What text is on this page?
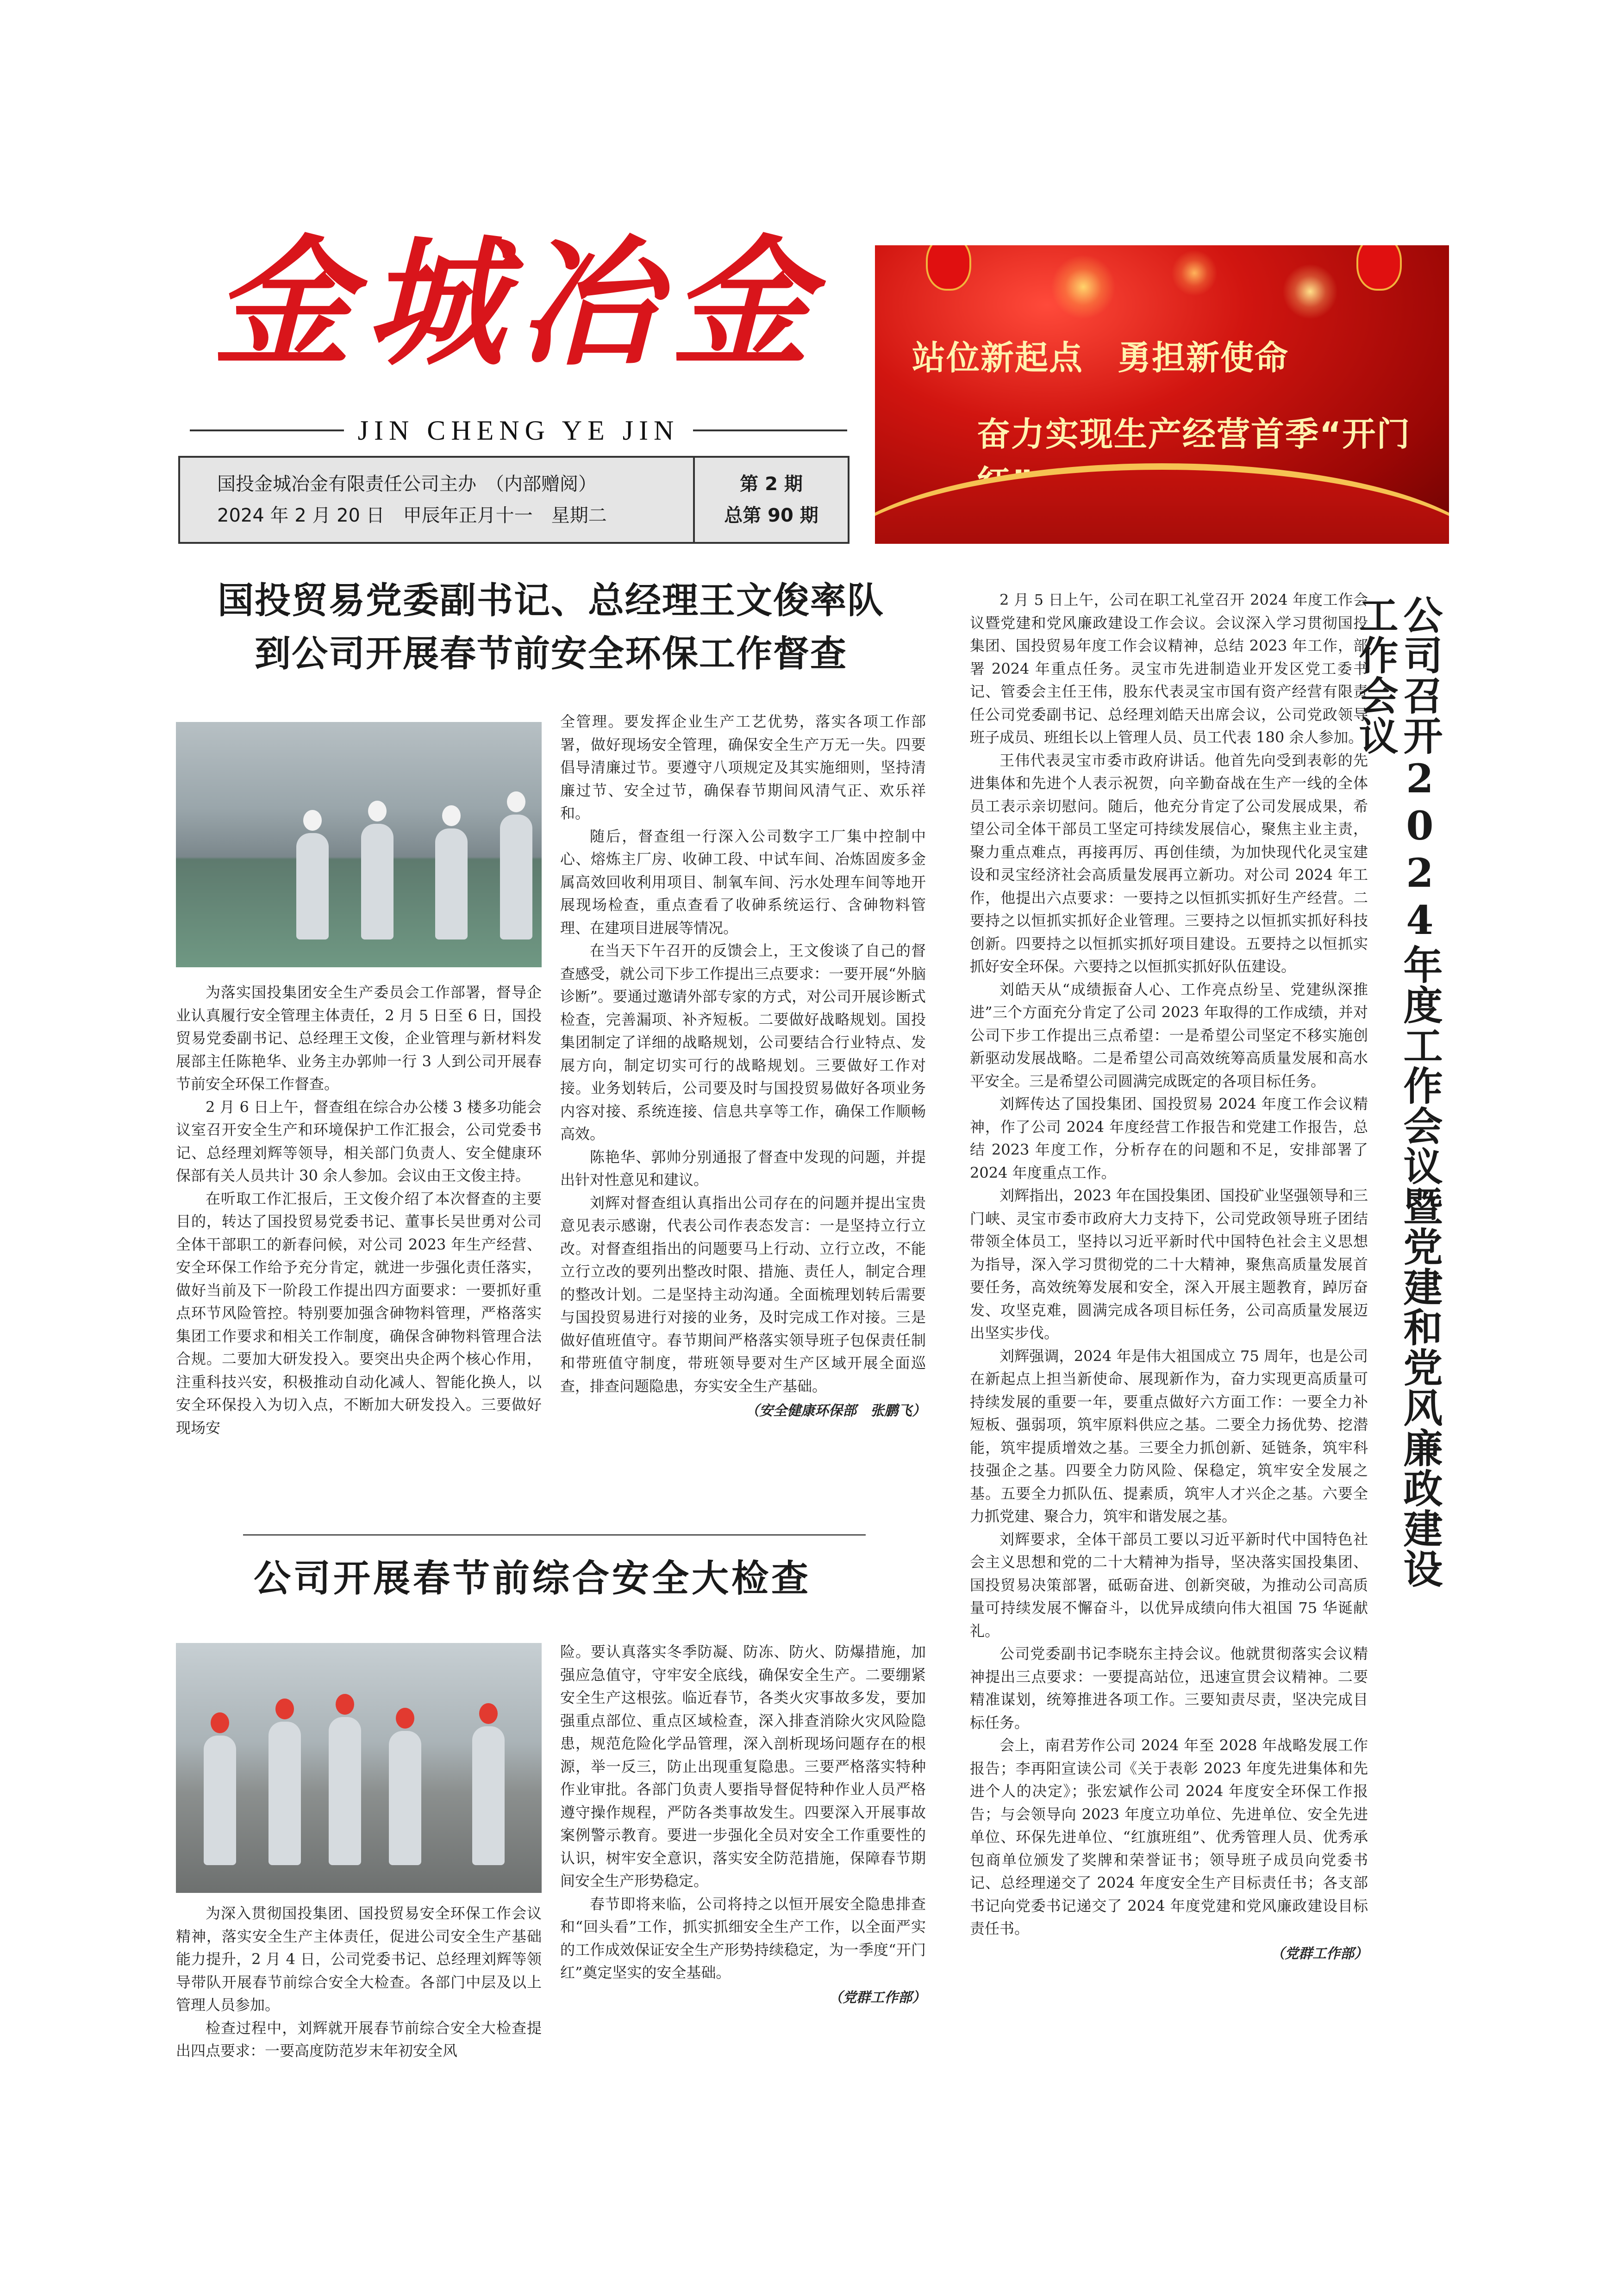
金城冶金
JIN CHENG YE JIN
国投金城冶金有限责任公司主办　（内部赠阅）
2024 年 2 月 20 日　甲辰年正月十一　星期二
第 2 期
总第 90 期
站位新起点　勇担新使命
奋力实现生产经营首季“开门
国投贸易党委副书记、总经理王文俊率队
到公司开展春节前安全环保工作督查

为落实国投集团安全生产委员会工作部署，督导企业认真履行安全管理主体责任，2 月 5 日至 6 日，国投贸易党委副书记、总经理王文俊，企业管理与新材料发展部主任陈艳华、业务主办郭帅一行 3 人到公司开展春节前安全环保工作督查。

2 月 6 日上午，督查组在综合办公楼 3 楼多功能会议室召开安全生产和环境保护工作汇报会，公司党委书记、总经理刘辉等领导，相关部门负责人、安全健康环保部有关人员共计 30 余人参加。会议由王文俊主持。

在听取工作汇报后，王文俊介绍了本次督查的主要目的，转达了国投贸易党委书记、董事长吴世勇对公司全体干部职工的新春问候，对公司 2023 年生产经营、安全环保工作给予充分肯定，就进一步强化责任落实，做好当前及下一阶段工作提出四方面要求：一要抓好重点环节风险管控。特别要加强含砷物料管理，严格落实集团工作要求和相关工作制度，确保含砷物料管理合法合规。二要加大研发投入。要突出央企两个核心作用，注重科技兴安，积极推动自动化减人、智能化换人，以安全环保投入为切入点，不断加大研发投入。三要做好现场安

全管理。要发挥企业生产工艺优势，落实各项工作部署，做好现场安全管理，确保安全生产万无一失。四要倡导清廉过节。要遵守八项规定及其实施细则，坚持清廉过节、安全过节，确保春节期间风清气正、欢乐祥和。

随后，督查组一行深入公司数字工厂集中控制中心、熔炼主厂房、收砷工段、中试车间、冶炼固废多金属高效回收利用项目、制氧车间、污水处理车间等地开展现场检查，重点查看了收砷系统运行、含砷物料管理、在建项目进展等情况。

在当天下午召开的反馈会上，王文俊谈了自己的督查感受，就公司下步工作提出三点要求：一要开展“外脑诊断”。要通过邀请外部专家的方式，对公司开展诊断式检查，完善漏项、补齐短板。二要做好战略规划。国投集团制定了详细的战略规划，公司要结合行业特点、发展方向，制定切实可行的战略规划。三要做好工作对接。业务划转后，公司要及时与国投贸易做好各项业务内容对接、系统连接、信息共享等工作，确保工作顺畅高效。

陈艳华、郭帅分别通报了督查中发现的问题，并提出针对性意见和建议。

刘辉对督查组认真指出公司存在的问题并提出宝贵意见表示感谢，代表公司作表态发言：一是坚持立行立改。对督查组指出的问题要马上行动、立行立改，不能立行立改的要列出整改时限、措施、责任人，制定合理的整改计划。二是坚持主动沟通。全面梳理划转后需要与国投贸易进行对接的业务，及时完成工作对接。三是做好值班值守。春节期间严格落实领导班子包保责任制和带班值守制度，带班领导要对生产区域开展全面巡查，排查问题隐患，夯实安全生产基础。

（安全健康环保部　张鹏飞）
公司开展春节前综合安全大检查

为深入贯彻国投集团、国投贸易安全环保工作会议精神，落实安全生产主体责任，促进公司安全生产基础能力提升，2 月 4 日，公司党委书记、总经理刘辉等领导带队开展春节前综合安全大检查。各部门中层及以上管理人员参加。

检查过程中，刘辉就开展春节前综合安全大检查提出四点要求：一要高度防范岁末年初安全风

险。要认真落实冬季防凝、防冻、防火、防爆措施，加强应急值守，守牢安全底线，确保安全生产。二要绷紧安全生产这根弦。临近春节，各类火灾事故多发，要加强重点部位、重点区域检查，深入排查消除火灾风险隐患，规范危险化学品管理，深入剖析现场问题存在的根源，举一反三，防止出现重复隐患。三要严格落实特种作业审批。各部门负责人要指导督促特种作业人员严格遵守操作规程，严防各类事故发生。四要深入开展事故案例警示教育。要进一步强化全员对安全工作重要性的认识，树牢安全意识，落实安全防范措施，保障春节期间安全生产形势稳定。

春节即将来临，公司将持之以恒开展安全隐患排查和“回头看”工作，抓实抓细安全生产工作，以全面严实的工作成效保证安全生产形势持续稳定，为一季度“开门红”奠定坚实的安全基础。

（党群工作部）

2 月 5 日上午，公司在职工礼堂召开 2024 年度工作会议暨党建和党风廉政建设工作会议。会议深入学习贯彻国投集团、国投贸易年度工作会议精神，总结 2023 年工作，部署 2024 年重点任务。灵宝市先进制造业开发区党工委书记、管委会主任王伟，股东代表灵宝市国有资产经营有限责任公司党委副书记、总经理刘皓天出席会议，公司党政领导班子成员、班组长以上管理人员、员工代表 180 余人参加。

王伟代表灵宝市委市政府讲话。他首先向受到表彰的先进集体和先进个人表示祝贺，向辛勤奋战在生产一线的全体员工表示亲切慰问。随后，他充分肯定了公司发展成果，希望公司全体干部员工坚定可持续发展信心，聚焦主业主责，聚力重点难点，再接再厉、再创佳绩，为加快现代化灵宝建设和灵宝经济社会高质量发展再立新功。对公司 2024 年工作，他提出六点要求：一要持之以恒抓实抓好生产经营。二要持之以恒抓实抓好企业管理。三要持之以恒抓实抓好科技创新。四要持之以恒抓实抓好项目建设。五要持之以恒抓实抓好安全环保。六要持之以恒抓实抓好队伍建设。

刘皓天从“成绩振奋人心、工作亮点纷呈、党建纵深推进”三个方面充分肯定了公司 2023 年取得的工作成绩，并对公司下步工作提出三点希望：一是希望公司坚定不移实施创新驱动发展战略。二是希望公司高效统筹高质量发展和高水平安全。三是希望公司圆满完成既定的各项目标任务。

刘辉传达了国投集团、国投贸易 2024 年度工作会议精神，作了公司 2024 年度经营工作报告和党建工作报告，总结 2023 年度工作，分析存在的问题和不足，安排部署了 2024 年度重点工作。

刘辉指出，2023 年在国投集团、国投矿业坚强领导和三门峡、灵宝市委市政府大力支持下，公司党政领导班子团结带领全体员工，坚持以习近平新时代中国特色社会主义思想为指导，深入学习贯彻党的二十大精神，聚焦高质量发展首要任务，高效统筹发展和安全，深入开展主题教育，踔厉奋发、攻坚克难，圆满完成各项目标任务，公司高质量发展迈出坚实步伐。

刘辉强调，2024 年是伟大祖国成立 75 周年，也是公司在新起点上担当新使命、展现新作为，奋力实现更高质量可持续发展的重要一年，要重点做好六方面工作：一要全力补短板、强弱项，筑牢原料供应之基。二要全力扬优势、挖潜能，筑牢提质增效之基。三要全力抓创新、延链条，筑牢科技强企之基。四要全力防风险、保稳定，筑牢安全发展之基。五要全力抓队伍、提素质，筑牢人才兴企之基。六要全力抓党建、聚合力，筑牢和谐发展之基。

刘辉要求，全体干部员工要以习近平新时代中国特色社会主义思想和党的二十大精神为指导，坚决落实国投集团、国投贸易决策部署，砥砺奋进、创新突破，为推动公司高质量可持续发展不懈奋斗，以优异成绩向伟大祖国 75 华诞献礼。

公司党委副书记李晓东主持会议。他就贯彻落实会议精神提出三点要求：一要提高站位，迅速宣贯会议精神。二要精准谋划，统筹推进各项工作。三要知责尽责，坚决完成目标任务。

会上，南君芳作公司 2024 年至 2028 年战略发展工作报告；李再阳宣读公司《关于表彰 2023 年度先进集体和先进个人的决定》；张宏斌作公司 2024 年度安全环保工作报告；与会领导向 2023 年度立功单位、先进单位、安全先进单位、环保先进单位、“红旗班组”、优秀管理人员、优秀承包商单位颁发了奖牌和荣誉证书；领导班子成员向党委书记、总经理递交了 2024 年度安全生产目标责任书；各支部书记向党委书记递交了 2024 年度党建和党风廉政建设目标责任书。

（党群工作部）
公司召开2024年度工作会议暨党建和党风廉政建设工作会议
